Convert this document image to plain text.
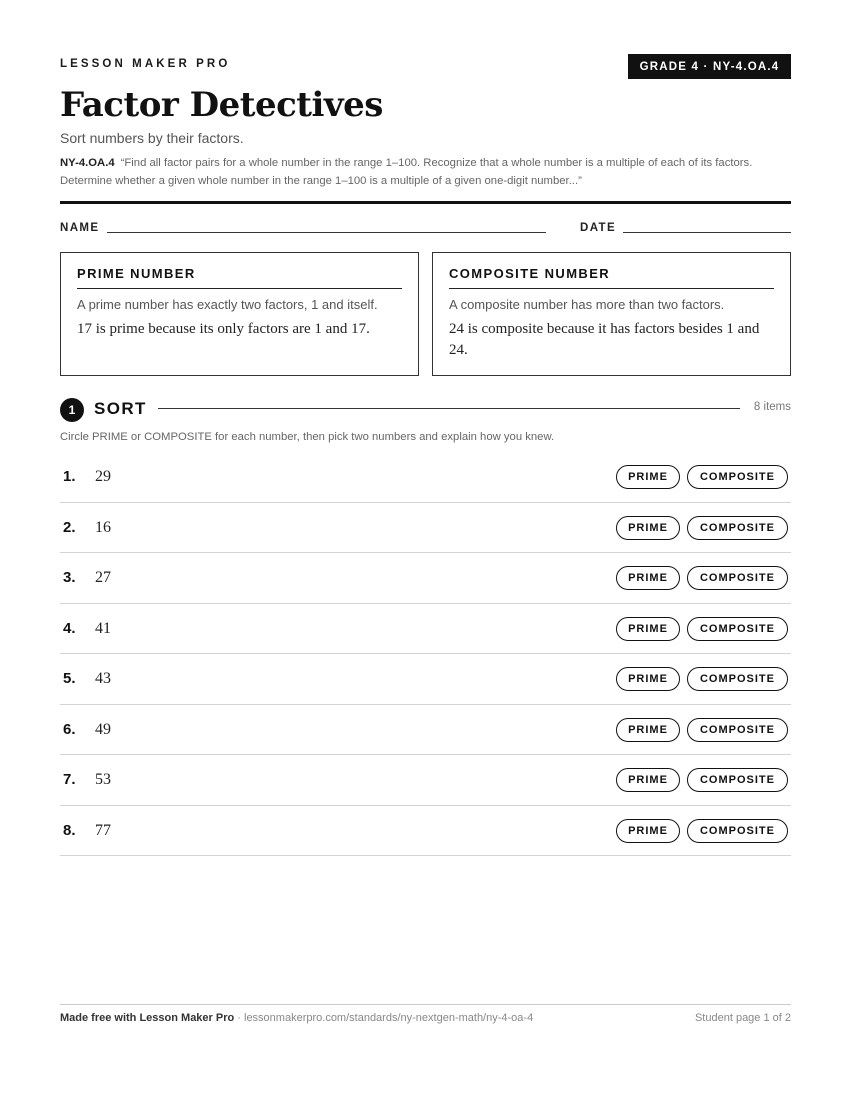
LESSON MAKER PRO	GRADE 4 · NY-4.OA.4
Factor Detectives
Sort numbers by their factors.
NY-4.OA.4 “Find all factor pairs for a whole number in the range 1–100. Recognize that a whole number is a multiple of each of its factors. Determine whether a given whole number in the range 1–100 is a multiple of a given one-digit number...”
NAME	DATE
PRIME NUMBER
A prime number has exactly two factors, 1 and itself.
17 is prime because its only factors are 1 and 17.
COMPOSITE NUMBER
A composite number has more than two factors.
24 is composite because it has factors besides 1 and 24.
1	SORT	8 items
Circle PRIME or COMPOSITE for each number, then pick two numbers and explain how you knew.
1. 29	PRIME	COMPOSITE
2. 16	PRIME	COMPOSITE
3. 27	PRIME	COMPOSITE
4. 41	PRIME	COMPOSITE
5. 43	PRIME	COMPOSITE
6. 49	PRIME	COMPOSITE
7. 53	PRIME	COMPOSITE
8. 77	PRIME	COMPOSITE
Made free with Lesson Maker Pro · lessonmakerpro.com/standards/ny-nextgen-math/ny-4-oa-4	Student page 1 of 2
